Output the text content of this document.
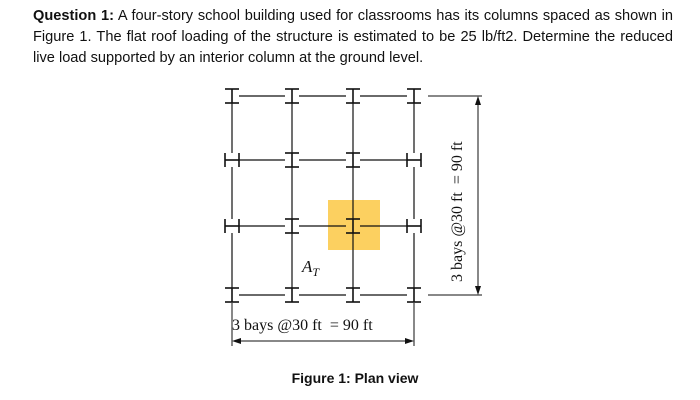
Question 1: A four-story school building used for classrooms has its columns spaced as shown in Figure 1. The flat roof loading of the structure is estimated to be 25 lb/ft2. Determine the reduced live load supported by an interior column at the ground level.

$A_T$
3 bays @30 ft  = 90 ft
3 bays @30 ft  = 90 ft
Figure 1: Plan view
